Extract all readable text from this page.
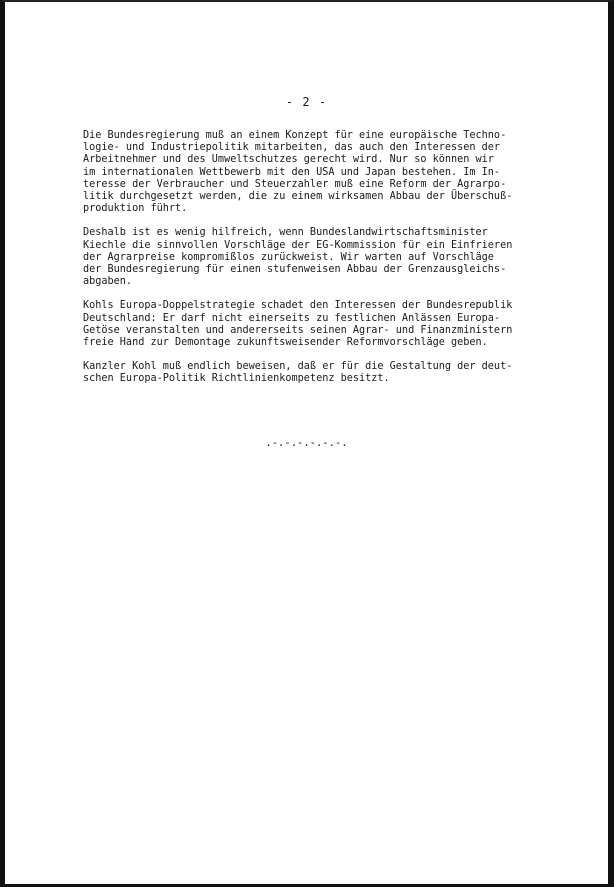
- 2 -
Die Bundesregierung muß an einem Konzept für eine europäische Techno-
logie- und Industriepolitik mitarbeiten, das auch den Interessen der
Arbeitnehmer und des Umweltschutzes gerecht wird. Nur so können wir
im internationalen Wettbewerb mit den USA und Japan bestehen. Im In-
teresse der Verbraucher und Steuerzahler muß eine Reform der Agrarpo-
litik durchgesetzt werden, die zu einem wirksamen Abbau der Überschuß-
produktion führt.
Deshalb ist es wenig hilfreich, wenn Bundeslandwirtschaftsminister
Kiechle die sinnvollen Vorschläge der EG-Kommission für ein Einfrieren
der Agrarpreise kompromißlos zurückweist. Wir warten auf Vorschläge
der Bundesregierung für einen stufenweisen Abbau der Grenzausgleichs-
abgaben.
Kohls Europa-Doppelstrategie schadet den Interessen der Bundesrepublik
Deutschland: Er darf nicht einerseits zu festlichen Anlässen Europa-
Getöse veranstalten und andererseits seinen Agrar- und Finanzministern
freie Hand zur Demontage zukunftsweisender Reformvorschläge geben.
Kanzler Kohl muß endlich beweisen, daß er für die Gestaltung der deut-
schen Europa-Politik Richtlinienkompetenz besitzt.
.-.-.-.-.-.-.
